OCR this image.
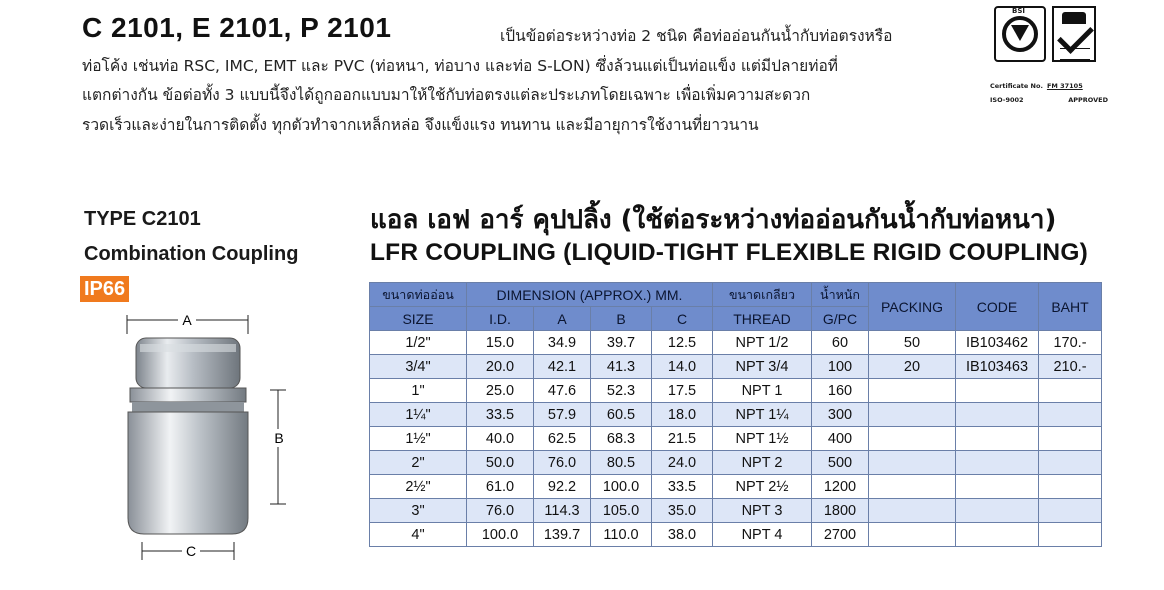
C 2101, E 2101, P 2101	เป็นข้อต่อระหว่างท่อ 2 ชนิด คือท่ออ่อนกันน้ำกับท่อตรงหรือ
ท่อโค้ง เช่นท่อ RSC, IMC, EMT และ PVC (ท่อหนา, ท่อบาง และท่อ S-LON) ซึ่งล้วนแต่เป็นท่อแข็ง แต่มีปลายท่อที่
แตกต่างกัน ข้อต่อทั้ง 3 แบบนี้จึงได้ถูกออกแบบมาให้ใช้กับท่อตรงแต่ละประเภทโดยเฉพาะ เพื่อเพิ่มความสะดวก
รวดเร็วและง่ายในการติดตั้ง ทุกตัวทำจากเหล็กหล่อ จึงแข็งแรง ทนทาน และมีอายุการใช้งานที่ยาวนาน
BSI
Certificate No. FM 37105
ISO-9002	APPROVED
TYPE C2101
Combination Coupling
IP66
แอล เอฟ อาร์ คุปปลิ้ง (ใช้ต่อระหว่างท่ออ่อนกันน้ำกับท่อหนา)
LFR COUPLING (LIQUID-TIGHT FLEXIBLE RIGID COUPLING)
A
B
C
ขนาดท่ออ่อน	DIMENSION (APPROX.) MM.				ขนาดเกลียว	น้ำหนัก	PACKING	CODE	BAHT
SIZE	I.D.	A	B	C	THREAD	G/PC			
1/2"	15.0	34.9	39.7	12.5	NPT 1/2	60	50	IB103462	170.-
3/4"	20.0	42.1	41.3	14.0	NPT 3/4	100	20	IB103463	210.-
1"	25.0	47.6	52.3	17.5	NPT 1	160			
1¼"	33.5	57.9	60.5	18.0	NPT 1¼	300			
1½"	40.0	62.5	68.3	21.5	NPT 1½	400			
2"	50.0	76.0	80.5	24.0	NPT 2	500			
2½"	61.0	92.2	100.0	33.5	NPT 2½	1200			
3"	76.0	114.3	105.0	35.0	NPT 3	1800			
4"	100.0	139.7	110.0	38.0	NPT 4	2700			
